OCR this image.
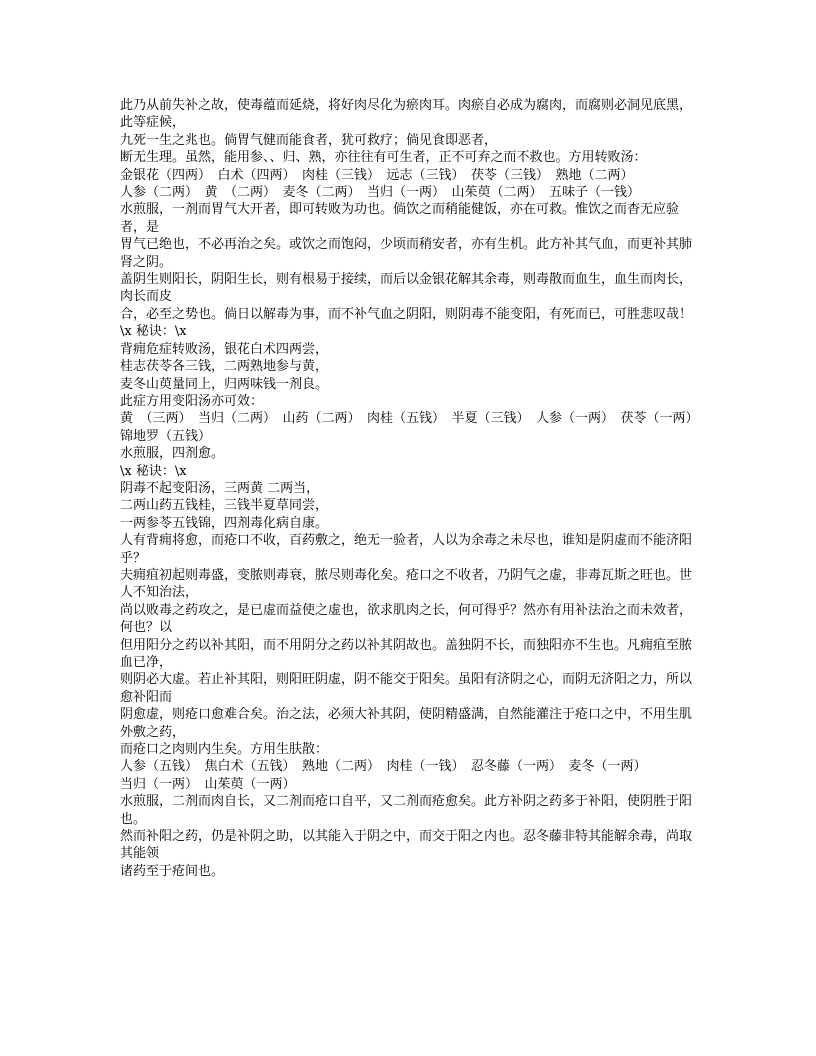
此乃从前失补之故，使毒蕴而延烧，将好肉尽化为瘀肉耳。肉瘀自必成为腐肉，而腐则必洞见底黑，此等症候，

九死一生之兆也。倘胃气健而能食者，犹可救疗；倘见食即恶者，

断无生理。虽然，能用参、、归、熟，亦往往有可生者，正不可弃之而不救也。方用转败汤：

金银花（四两）　白术（四两）　肉桂（三钱）　远志（三钱）　茯苓（三钱）　熟地（二两）

人参（二两）　黄　（二两）　麦冬（二两）　当归（一两）　山茱萸（二两）　五味子（一钱）

水煎服，一剂而胃气大开者，即可转败为功也。倘饮之而稍能健饭，亦在可救。惟饮之而杳无应验者，是

胃气已绝也，不必再治之矣。或饮之而饱闷，少顷而稍安者，亦有生机。此方补其气血，而更补其肺肾之阴。

盖阴生则阳长，阴阳生长，则有根易于接续，而后以金银花解其余毒，则毒散而血生，血生而肉长，肉长而皮

合，必至之势也。倘日以解毒为事，而不补气血之阴阳，则阴毒不能变阳，有死而已，可胜悲叹哉！

\x 秘诀：\x

背痈危症转败汤，银花白术四两尝，

桂志茯苓各三钱，二两熟地参与黄，

麦冬山萸量同上，归两味钱一剂良。

此症方用变阳汤亦可效：

黄　（三两）　当归（二两）　山药（二两）　肉桂（五钱）　半夏（三钱）　人参（一两）　茯苓（一两）

锦地罗（五钱）

水煎服，四剂愈。

\x 秘诀：\x

阴毒不起变阳汤，三两黄 二两当，

二两山药五钱桂，三钱半夏草同尝，

一两参苓五钱锦，四剂毒化病自康。

人有背痈将愈，而疮口不收，百药敷之，绝无一验者，人以为余毒之未尽也，谁知是阴虚而不能济阳乎？

夫痈疽初起则毒盛，变脓则毒衰，脓尽则毒化矣。疮口之不收者，乃阴气之虚，非毒瓦斯之旺也。世人不知治法，

尚以败毒之药攻之，是已虚而益使之虚也，欲求肌肉之长，何可得乎？然亦有用补法治之而未效者，何也？以

但用阳分之药以补其阳，而不用阴分之药以补其阴故也。盖独阴不长，而独阳亦不生也。凡痈疽至脓血已净，

则阴必大虚。若止补其阳，则阳旺阴虚，阴不能交于阳矣。虽阳有济阴之心，而阴无济阳之力，所以愈补阳而

阴愈虚，则疮口愈难合矣。治之法，必须大补其阴，使阴精盛满，自然能灌注于疮口之中，不用生肌外敷之药，

而疮口之肉则内生矣。方用生肤散：

人参（五钱）　焦白术（五钱）　熟地（二两）　肉桂（一钱）　忍冬藤（一两）　麦冬（一两）

当归（一两）　山茱萸（一两）

水煎服，二剂而肉自长，又二剂而疮口自平，又二剂而疮愈矣。此方补阴之药多于补阳，使阴胜于阳也。

然而补阳之药，仍是补阴之助，以其能入于阴之中，而交于阳之内也。忍冬藤非特其能解余毒，尚取其能领

诸药至于疮间也。
